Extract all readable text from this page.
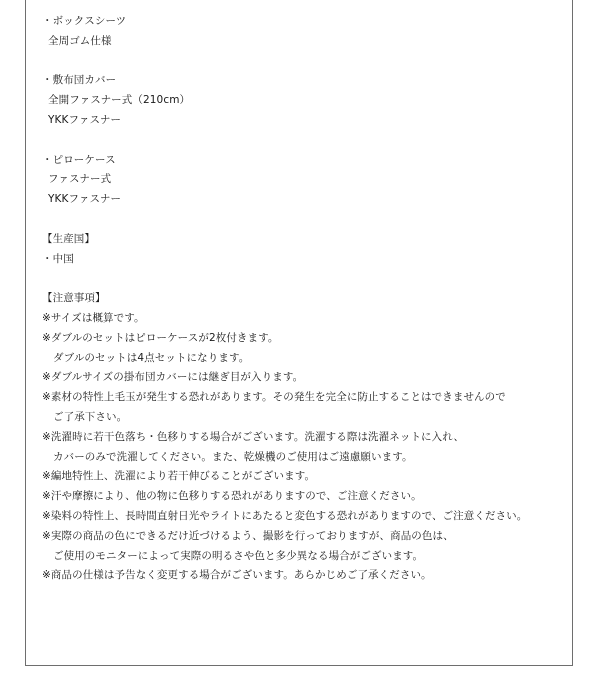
・ボックスシーツ
全周ゴム仕様
・敷布団カバー
全開ファスナー式（210cm）
YKKファスナー
・ピローケース
ファスナー式
YKKファスナー
【生産国】
・中国
【注意事項】
※サイズは概算です。
※ダブルのセットはピローケースが2枚付きます。
ダブルのセットは4点セットになります。
※ダブルサイズの掛布団カバーには継ぎ目が入ります。
※素材の特性上毛玉が発生する恐れがあります。その発生を完全に防止することはできませんので
ご了承下さい。
※洗濯時に若干色落ち・色移りする場合がございます。洗濯する際は洗濯ネットに入れ、
カバーのみで洗濯してください。また、乾燥機のご使用はご遠慮願います。
※編地特性上、洗濯により若干伸びることがございます。
※汗や摩擦により、他の物に色移りする恐れがありますので、ご注意ください。
※染料の特性上、長時間直射日光やライトにあたると変色する恐れがありますので、ご注意ください。
※実際の商品の色にできるだけ近づけるよう、撮影を行っておりますが、商品の色は、
ご使用のモニターによって実際の明るさや色と多少異なる場合がございます。
※商品の仕様は予告なく変更する場合がございます。あらかじめご了承ください。
